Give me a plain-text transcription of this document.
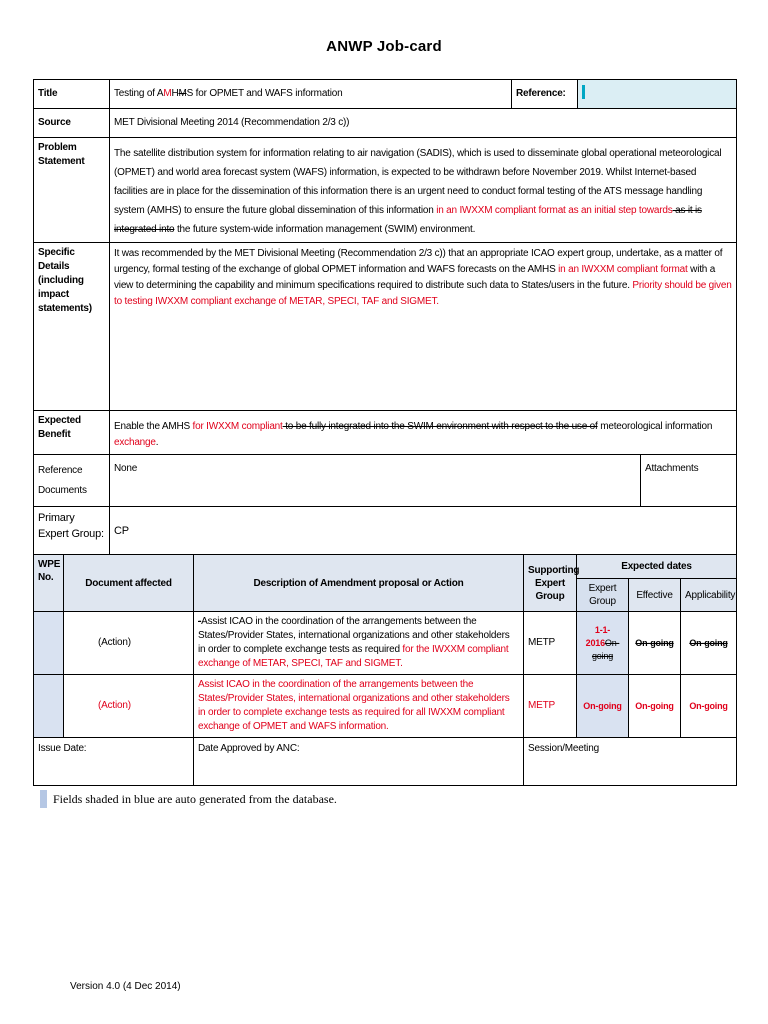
ANWP Job-card
Title	Testing of AMHMS for OPMET and WAFS information	Reference:	
Source	MET Divisional Meeting 2014 (Recommendation 2/3 c))		
Problem Statement	The satellite distribution system for information relating to air navigation (SADIS), which is used to disseminate global operational meteorological (OPMET) and world area forecast system (WAFS) information, is expected to be withdrawn before November 2019. Whilst Internet-based facilities are in place for the dissemination of this information there is an urgent need to conduct formal testing of the ATS message handling system (AMHS) to ensure the future global dissemination of this information in an IWXXM compliant format as an initial step towards as it is integrated into the future system-wide information management (SWIM) environment.		
Specific Details (including impact statements)	It was recommended by the MET Divisional Meeting (Recommendation 2/3 c)) that an appropriate ICAO expert group, undertake, as a matter of urgency, formal testing of the exchange of global OPMET information and WAFS forecasts on the AMHS in an IWXXM compliant format with a view to determining the capability and minimum specifications required to distribute such data to States/users in the future. Priority should be given to testing IWXXM compliant exchange of METAR, SPECI, TAF and SIGMET.		
Expected Benefit	Enable the AMHS for IWXXM compliant to be fully integrated into the SWIM environment with respect to the use of meteorological information exchange.		
Reference Documents	None	Attachments
Primary Expert Group:	CP
WPE No.	Document affected	Description of Amendment proposal or Action	Supporting Expert Group	Expected dates		
				Expert Group	Effective	Applicability
	(Action)	-Assist ICAO in the coordination of the arrangements between the States/Provider States, international organizations and other stakeholders in order to complete exchange tests as required for the IWXXM compliant exchange of METAR, SPECI, TAF and SIGMET.	METP	1-1-2016On-going	On-going	On-going
	(Action)	Assist ICAO in the coordination of the arrangements between the States/Provider States, international organizations and other stakeholders in order to complete exchange tests as required for all IWXXM compliant exchange of OPMET and WAFS information.	METP	On-going	On-going	On-going
Issue Date:	Date Approved by ANC:	Session/Meeting
Fields shaded in blue are auto generated from the database.
Version 4.0 (4 Dec 2014)
